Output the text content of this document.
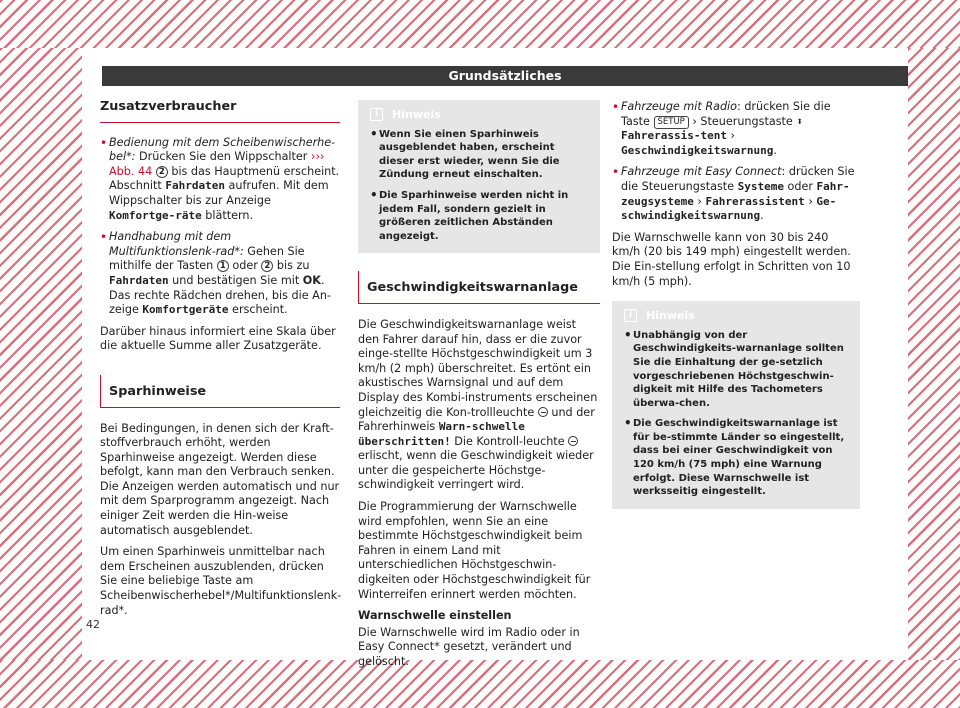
Grundsätzliches
Zusatzverbraucher
• Bedienung mit dem Scheibenwischerhe-bel*: Drücken Sie den Wippschalter ››› Abb. 44 2 bis das Hauptmenü erscheint. Abschnitt Fahrdaten aufrufen. Mit dem Wippschalter bis zur Anzeige Komfortge-räte blättern.
• Handhabung mit dem Multifunktionslenk-rad*: Gehen Sie mithilfe der Tasten 1 oder 2 bis zu Fahrdaten und bestätigen Sie mit OK. Das rechte Rädchen drehen, bis die An-zeige Komfortgeräte erscheint.

Darüber hinaus informiert eine Skala über die aktuelle Summe aller Zusatzgeräte.

Sparhinweise

Bei Bedingungen, in denen sich der Kraft-stoffverbrauch erhöht, werden Sparhinweise angezeigt. Werden diese befolgt, kann man den Verbrauch senken. Die Anzeigen werden automatisch und nur mit dem Sparprogramm angezeigt. Nach einiger Zeit werden die Hin-weise automatisch ausgeblendet.

Um einen Sparhinweis unmittelbar nach dem Erscheinen auszublenden, drücken Sie eine beliebige Taste am Scheibenwischerhebel*/Multifunktionslenk-rad*.

i	Hinweis
• Wenn Sie einen Sparhinweis ausgeblendet haben, erscheint dieser erst wieder, wenn Sie die Zündung erneut einschalten.
• Die Sparhinweise werden nicht in jedem Fall, sondern gezielt in größeren zeitlichen Abständen angezeigt.
Geschwindigkeitswarnanlage

Die Geschwindigkeitswarnanlage weist den Fahrer darauf hin, dass er die zuvor einge-stellte Höchstgeschwindigkeit um 3 km/h (2 mph) überschreitet. Es ertönt ein akustisches Warnsignal und auf dem Display des Kombi-instruments erscheinen gleichzeitig die Kon-trollleuchte  und der Fahrerhinweis Warn-schwelle überschritten! Die Kontroll-leuchte  erlischt, wenn die Geschwindigkeit wieder unter die gespeicherte Höchstge-schwindigkeit verringert wird.

Die Programmierung der Warnschwelle wird empfohlen, wenn Sie an eine bestimmte Höchstgeschwindigkeit beim Fahren in einem Land mit unterschiedlichen Höchstgeschwin-digkeiten oder Höchstgeschwindigkeit für Winterreifen erinnert werden möchten.

Warnschwelle einstellen

Die Warnschwelle wird im Radio oder in Easy Connect* gesetzt, verändert und gelöscht.

• Fahrzeuge mit Radio: drücken Sie die Taste SETUP › Steuerungstaste ⬍ Fahrerassis-tent › Geschwindigkeitswarnung.
• Fahrzeuge mit Easy Connect: drücken Sie die Steuerungstaste Systeme oder Fahr-zeugsysteme › Fahrerassistent › Ge-schwindigkeitswarnung.

Die Warnschwelle kann von 30 bis 240 km/h (20 bis 149 mph) eingestellt werden. Die Ein-stellung erfolgt in Schritten von 10 km/h (5 mph).

i	Hinweis
• Unabhängig von der Geschwindigkeits-warnanlage sollten Sie die Einhaltung der ge-setzlich vorgeschriebenen Höchstgeschwin-digkeit mit Hilfe des Tachometers überwa-chen.
• Die Geschwindigkeitswarnanlage ist für be-stimmte Länder so eingestellt, dass bei einer Geschwindigkeit von 120 km/h (75 mph) eine Warnung erfolgt. Diese Warnschwelle ist werksseitig eingestellt.
42
